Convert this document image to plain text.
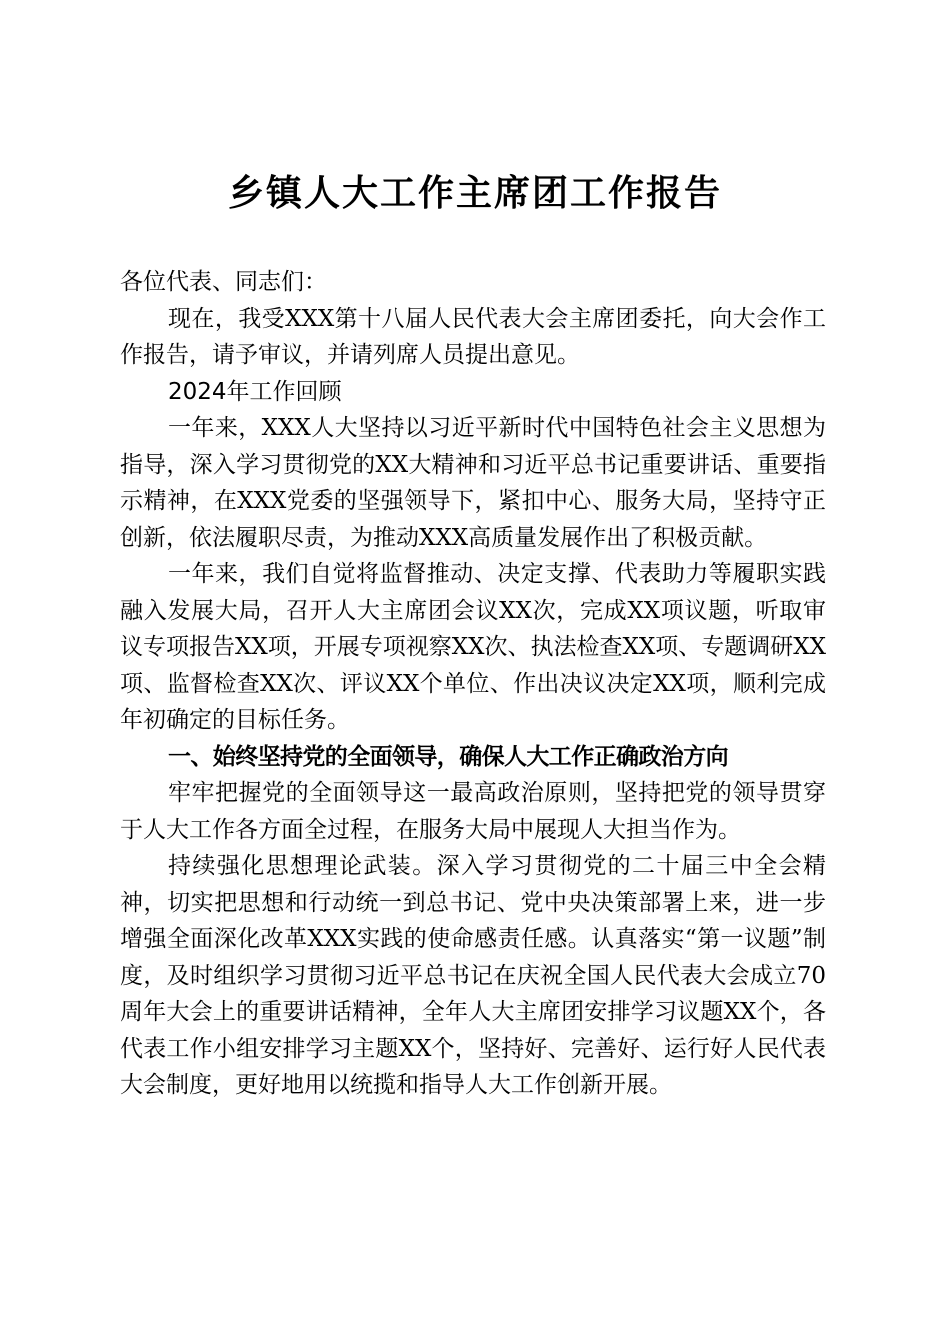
乡镇人大工作主席团工作报告

各位代表、同志们：

现在，我受XXX第十八届人民代表大会主席团委托，向大会作工作报告，请予审议，并请列席人员提出意见。

2024年工作回顾

一年来，XXX人大坚持以习近平新时代中国特色社会主义思想为指导，深入学习贯彻党的XX大精神和习近平总书记重要讲话、重要指示精神，在XXX党委的坚强领导下，紧扣中心、服务大局，坚持守正创新，依法履职尽责，为推动XXX高质量发展作出了积极贡献。

一年来，我们自觉将监督推动、决定支撑、代表助力等履职实践融入发展大局，召开人大主席团会议XX次，完成XX项议题，听取审议专项报告XX项，开展专项视察XX次、执法检查XX项、专题调研XX项、监督检查XX次、评议XX个单位、作出决议决定XX项，顺利完成年初确定的目标任务。

一、始终坚持党的全面领导，确保人大工作正确政治方向

牢牢把握党的全面领导这一最高政治原则，坚持把党的领导贯穿于人大工作各方面全过程，在服务大局中展现人大担当作为。

持续强化思想理论武装。深入学习贯彻党的二十届三中全会精神，切实把思想和行动统一到总书记、党中央决策部署上来，进一步增强全面深化改革XXX实践的使命感责任感。认真落实“第一议题”制度，及时组织学习贯彻习近平总书记在庆祝全国人民代表大会成立70周年大会上的重要讲话精神，全年人大主席团安排学习议题XX个，各代表工作小组安排学习主题XX个，坚持好、完善好、运行好人民代表大会制度，更好地用以统揽和指导人大工作创新开展。
